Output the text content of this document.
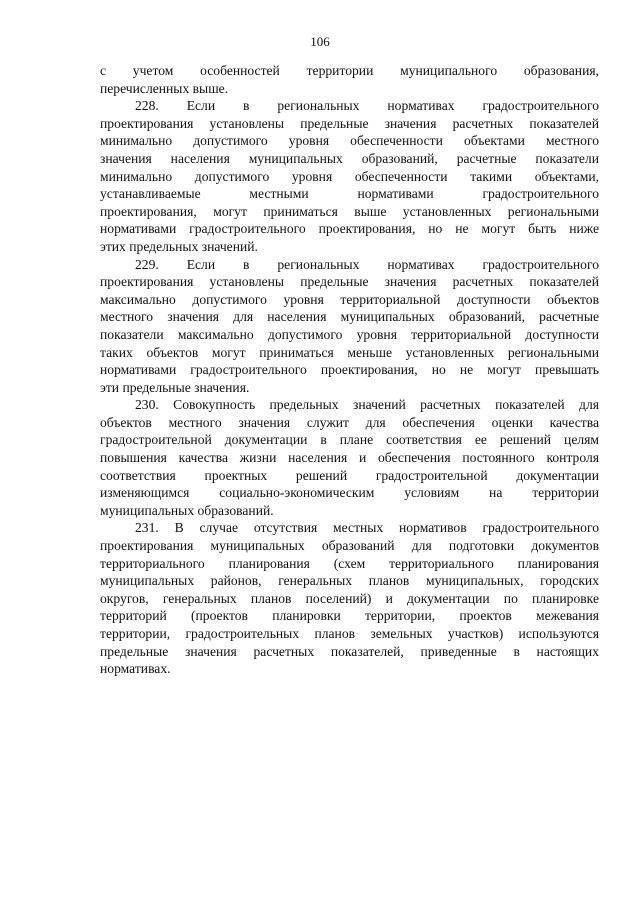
106
с учетом особенностей территории муниципального образования,
перечисленных выше.
228. Если в региональных нормативах градостроительного
проектирования установлены предельные значения расчетных показателей
минимально допустимого уровня обеспеченности объектами местного
значения населения муниципальных образований, расчетные показатели
минимально допустимого уровня обеспеченности такими объектами,
устанавливаемые местными нормативами градостроительного
проектирования, могут приниматься выше установленных региональными
нормативами градостроительного проектирования, но не могут быть ниже
этих предельных значений.
229. Если в региональных нормативах градостроительного
проектирования установлены предельные значения расчетных показателей
максимально допустимого уровня территориальной доступности объектов
местного значения для населения муниципальных образований, расчетные
показатели максимально допустимого уровня территориальной доступности
таких объектов могут приниматься меньше установленных региональными
нормативами градостроительного проектирования, но не могут превышать
эти предельные значения.
230. Совокупность предельных значений расчетных показателей для
объектов местного значения служит для обеспечения оценки качества
градостроительной документации в плане соответствия ее решений целям
повышения качества жизни населения и обеспечения постоянного контроля
соответствия проектных решений градостроительной документации
изменяющимся социально-экономическим условиям на территории
муниципальных образований.
231. В случае отсутствия местных нормативов градостроительного
проектирования муниципальных образований для подготовки документов
территориального планирования (схем территориального планирования
муниципальных районов, генеральных планов муниципальных, городских
округов, генеральных планов поселений) и документации по планировке
территорий (проектов планировки территории, проектов межевания
территории, градостроительных планов земельных участков) используются
предельные значения расчетных показателей, приведенные в настоящих
нормативах.
